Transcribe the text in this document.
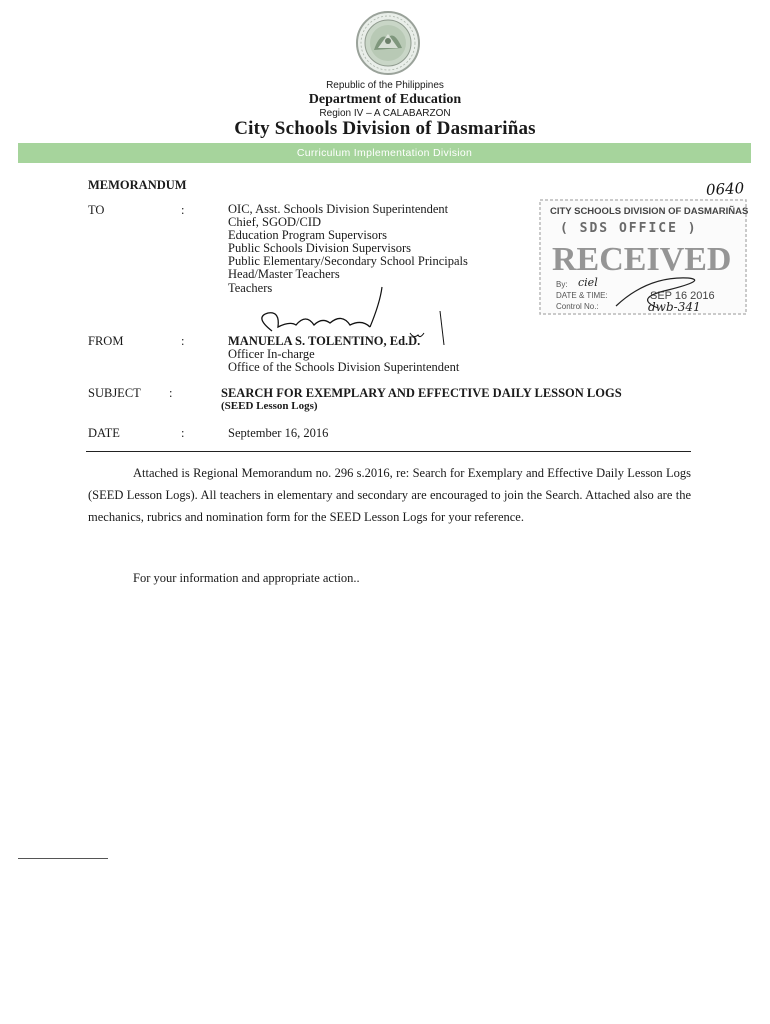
Republic of the Philippines
Department of Education
Region IV – A CALABARZON
City Schools Division of Dasmariñas
Curriculum Implementation Division
MEMORANDUM	0640
TO	:	OIC, Asst. Schools Division Superintendent
Chief, SGOD/CID
Education Program Supervisors
Public Schools Division Supervisors
Public Elementary/Secondary School Principals
Head/Master Teachers
Teachers
CITY SCHOOLS DIVISION OF DASMARIÑAS
( SDS OFFICE )
RECEIVED
By: ciel
DATE & TIME:	SEP 16 2016
Control No.:	dwb-341
FROM	:	MANUELA S. TOLENTINO, Ed.D.
Officer In-charge
Office of the Schools Division Superintendent
SUBJECT :	SEARCH FOR EXEMPLARY AND EFFECTIVE DAILY LESSON LOGS
(SEED Lesson Logs)
DATE	:	September 16, 2016
Attached is Regional Memorandum no. 296 s.2016, re: Search for Exemplary and Effective Daily Lesson Logs (SEED Lesson Logs). All teachers in elementary and secondary are encouraged to join the Search. Attached also are the mechanics, rubrics and nomination form for the SEED Lesson Logs for your reference.
For your information and appropriate action..
